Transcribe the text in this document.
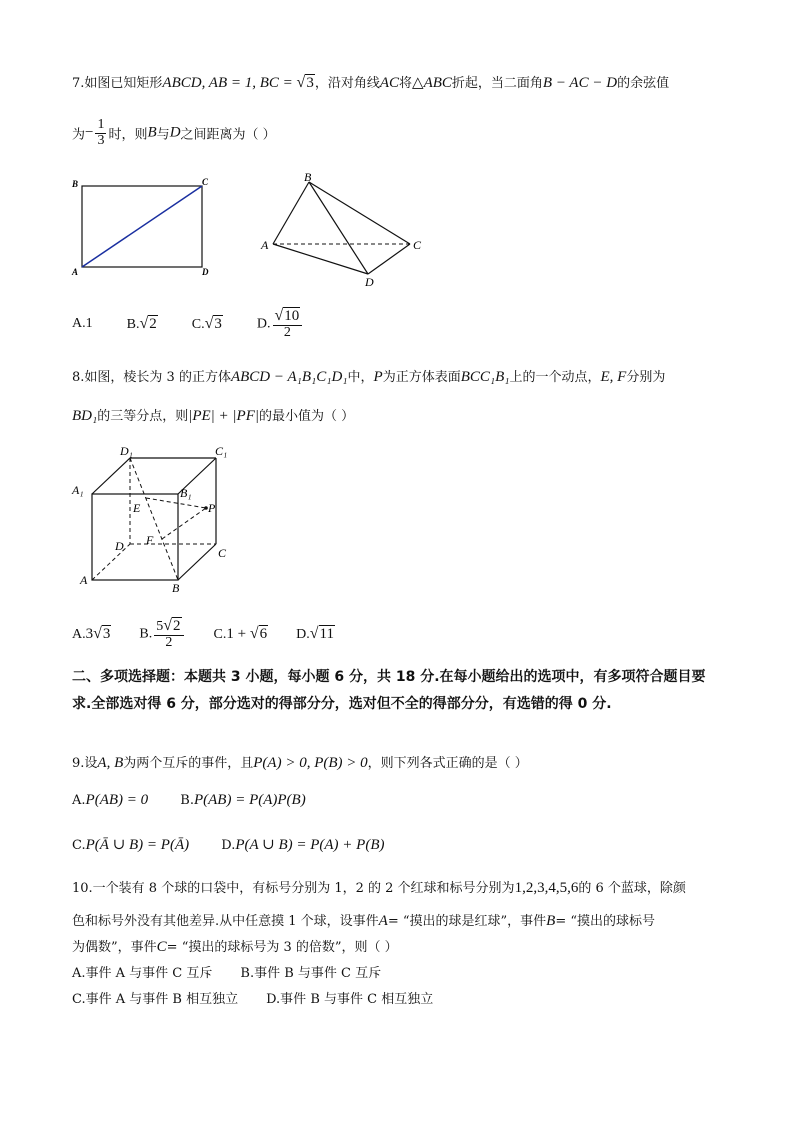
7.如图已知矩形ABCD, AB = 1, BC = √3，沿对角线AC将△ABC折起，当二面角B − AC − D的余弦值
为− $\frac{1}{3}$ 时，则B与D之间距离为（ ）
B	C
A	D
B
A	C
D
A.1 B.√2	C.√3	D. $\frac{√10}{2}$
8.如图，棱长为 3 的正方体ABCD − A₁B₁C₁D₁中，P为正方体表面BCC₁B₁上的一个动点，E, F分别为
BD₁的三等分点，则|PE| + |PF|的最小值为（ ）
D₁	C₁
A₁	B₁
E	P
D F
C
A
B
A.3√3 B. $\frac{5√2}{2} C.1 + √6$ D.√11
二、多项选择题：本题共 3 小题，每小题 6 分，共 18 分.在每小题给出的选项中，有多项符合题目要求.全部选对得 6 分，部分选对的得部分分，选对但不全的得部分分，有选错的得 0 分.
9.设A, B为两个互斥的事件，且P(A) > 0, P(B) > 0，则下列各式正确的是（ ）
A.P(AB) = 0 B.P(AB) = P(A)P(B)
C.P(Ā ∪ B) = P(Ā) D.P(A ∪ B) = P(A) + P(B)
10.一个装有 8 个球的口袋中，有标号分别为 1，2 的 2 个红球和标号分别为1,2,3,4,5,6的 6 个蓝球，除颜
色和标号外没有其他差异.从中任意摸 1 个球，设事件A= “摸出的球是红球”，事件B= “摸出的球标号
为偶数”，事件C= “摸出的球标号为 3 的倍数”，则（ ）
A.事件 A 与事件 C 互斥 B.事件 B 与事件 C 互斥
C.事件 A 与事件 B 相互独立 D.事件 B 与事件 C 相互独立
